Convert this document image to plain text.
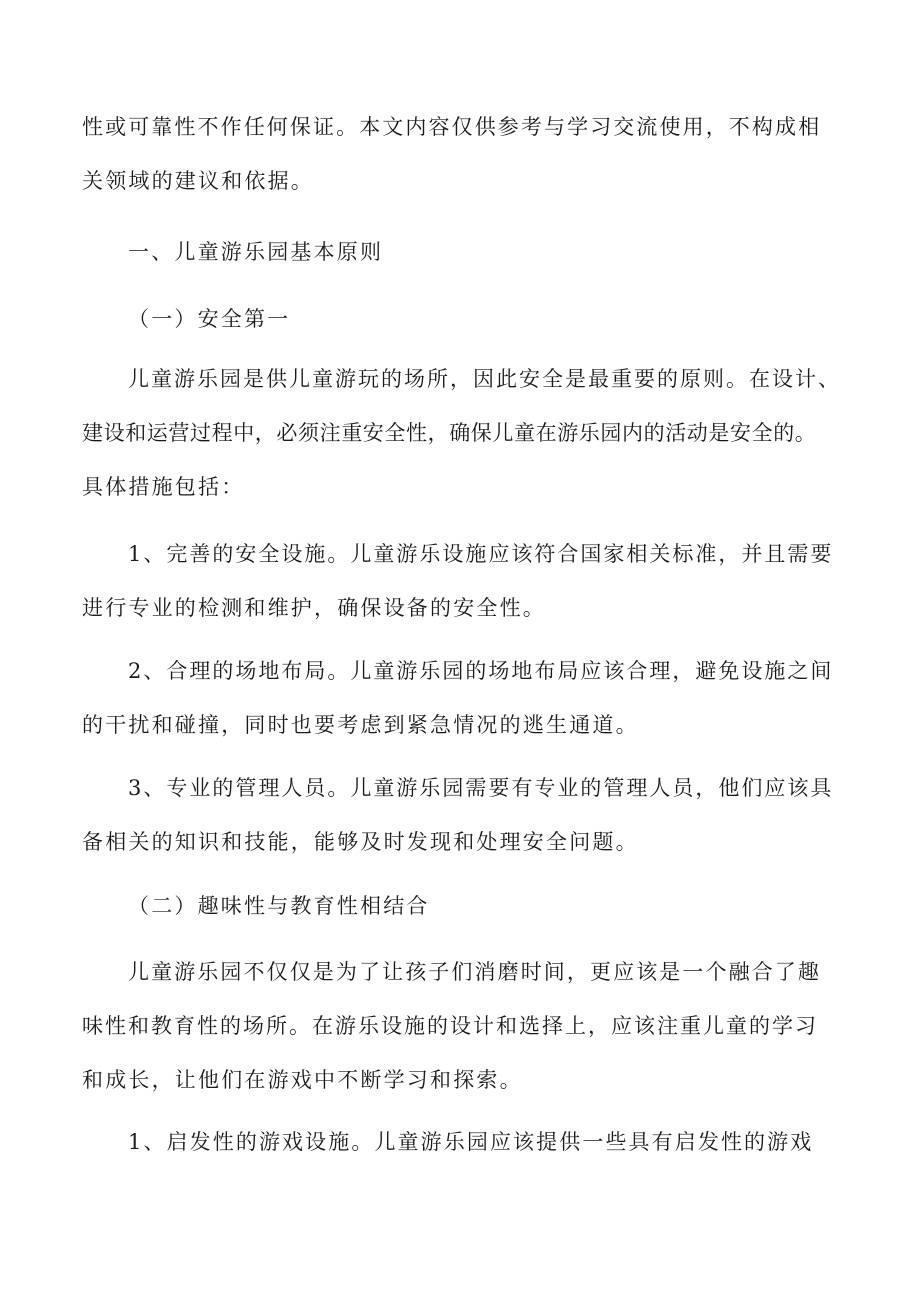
性或可靠性不作任何保证。本文内容仅供参考与学习交流使用，不构成相
关领域的建议和依据。
一、儿童游乐园基本原则
（一）安全第一
儿童游乐园是供儿童游玩的场所，因此安全是最重要的原则。在设计、
建设和运营过程中，必须注重安全性，确保儿童在游乐园内的活动是安全的。
具体措施包括：
1、完善的安全设施。儿童游乐设施应该符合国家相关标准，并且需要
进行专业的检测和维护，确保设备的安全性。
2、合理的场地布局。儿童游乐园的场地布局应该合理，避免设施之间
的干扰和碰撞，同时也要考虑到紧急情况的逃生通道。
3、专业的管理人员。儿童游乐园需要有专业的管理人员，他们应该具
备相关的知识和技能，能够及时发现和处理安全问题。
（二）趣味性与教育性相结合
儿童游乐园不仅仅是为了让孩子们消磨时间，更应该是一个融合了趣
味性和教育性的场所。在游乐设施的设计和选择上，应该注重儿童的学习
和成长，让他们在游戏中不断学习和探索。
1、启发性的游戏设施。儿童游乐园应该提供一些具有启发性的游戏
